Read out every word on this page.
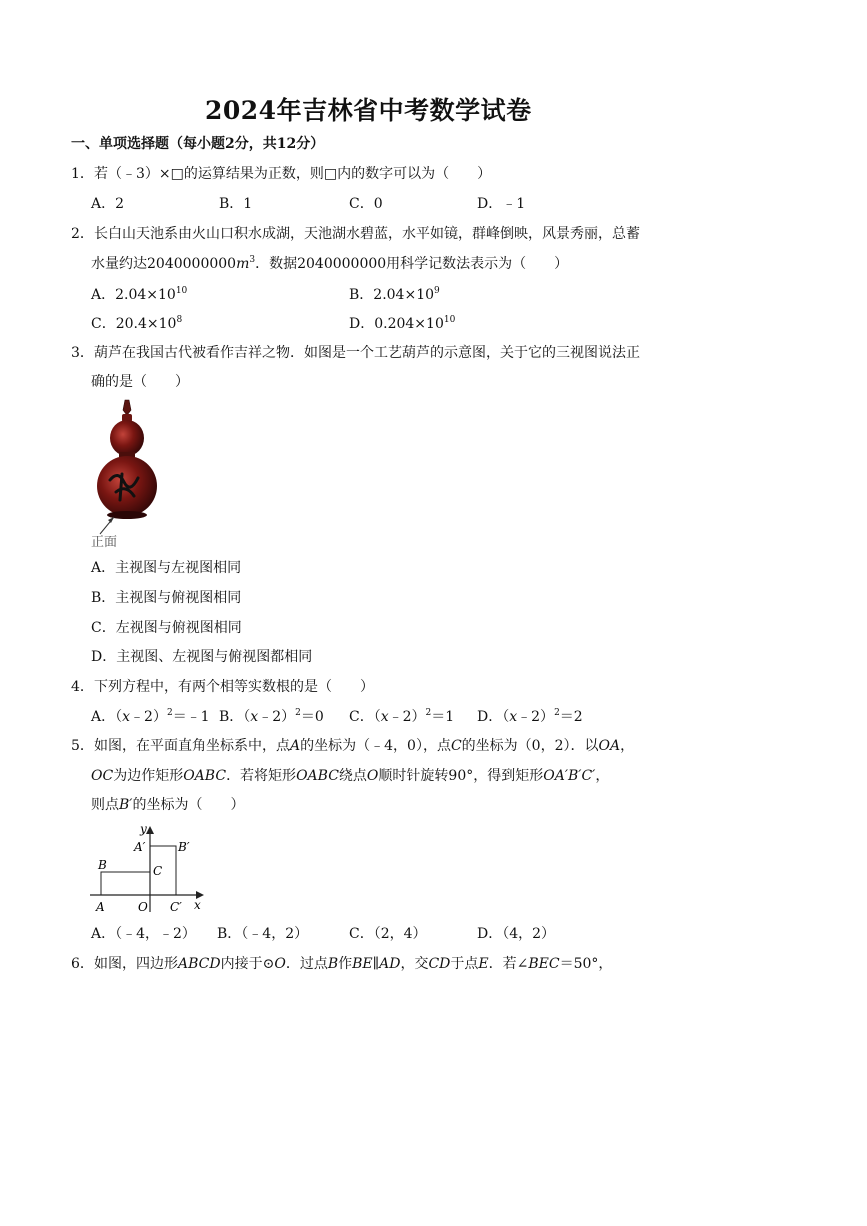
2024年吉林省中考数学试卷
一、单项选择题（每小题2分，共12分）
1． 若（﹣3）×□的运算结果为正数，则□内的数字可以为（　　）
A．2	B．1	C．0	D．﹣1
2． 长白山天池系由火山口积水成湖，天池湖水碧蓝，水平如镜，群峰倒映，风景秀丽，总蓄
水量约达$2040000000m^3$．数据2040000000用科学记数法表示为（　　）
A．$2.04\times 10^{10}$	B．$2.04\times 10^9$
C．$20.4\times 10^8$	D．$0.204\times 10^{10}$
3． 葫芦在我国古代被看作吉祥之物．如图是一个工艺葫芦的示意图，关于它的三视图说法正
确的是（　　）
正面
A．主视图与左视图相同
B．主视图与俯视图相同
C．左视图与俯视图相同
D．主视图、左视图与俯视图都相同
4． 下列方程中，有两个相等实数根的是（　　）
A．（x﹣2）$^2$＝﹣1 B．（x﹣2）$^2$＝0 C．（x﹣2）$^2$＝1 D．（x﹣2）$^2$＝2
5． 如图，在平面直角坐标系中，点A的坐标为（﹣4，0），点C的坐标为（0，2）．以OA，
OC为边作矩形OABC．若将矩形OABC绕点O顺时针旋转90°，得到矩形OA′B′C′，
则点B′的坐标为（　　）
y
x
A
B	C
O
A′	B′
C′
A．（﹣4，﹣2） B．（﹣4，2）	C．（2，4）	D．（4，2）
6． 如图，四边形ABCD内接于⊙O．过点B作BE∥AD，交CD于点E．若∠BEC＝50°，
